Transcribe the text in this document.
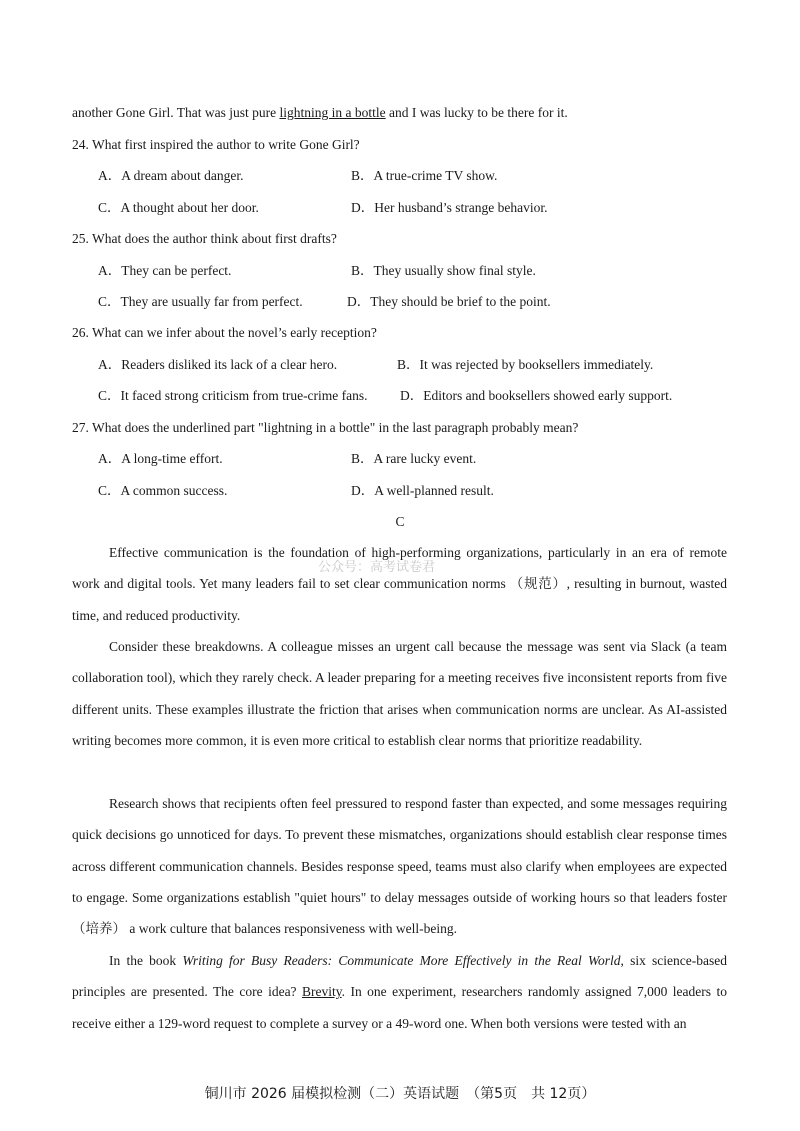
another Gone Girl. That was just pure lightning in a bottle and I was lucky to be there for it.
24. What first inspired the author to write Gone Girl?
A．A dream about danger.	B．A true-crime TV show.
C．A thought about her door.	D．Her husband’s strange behavior.
25. What does the author think about first drafts?
A．They can be perfect.	B．They usually show final style.
C．They are usually far from perfect.	D．They should be brief to the point.
26. What can we infer about the novel’s early reception?
A．Readers disliked its lack of a clear hero.	B．It was rejected by booksellers immediately.
C．It faced strong criticism from true-crime fans. D．Editors and booksellers showed early support.
27. What does the underlined part "lightning in a bottle" in the last paragraph probably mean?
A．A long-time effort.	B．A rare lucky event.
C．A common success.	D．A well-planned result.
C
公众号：高考试卷君
Effective communication is the foundation of high-performing organizations, particularly in an era of remote work and digital tools. Yet many leaders fail to set clear communication norms （规范）, resulting in burnout, wasted time, and reduced productivity.
Consider these breakdowns. A colleague misses an urgent call because the message was sent via Slack (a team collaboration tool), which they rarely check. A leader preparing for a meeting receives five inconsistent reports from five different units. These examples illustrate the friction that arises when communication norms are unclear. As AI-assisted writing becomes more common, it is even more critical to establish clear norms that prioritize readability.
Research shows that recipients often feel pressured to respond faster than expected, and some messages requiring quick decisions go unnoticed for days. To prevent these mismatches, organizations should establish clear response times across different communication channels. Besides response speed, teams must also clarify when employees are expected to engage. Some organizations establish "quiet hours" to delay messages outside of working hours so that leaders foster （培养） a work culture that balances responsiveness with well-being.
In the book Writing for Busy Readers: Communicate More Effectively in the Real World, six science-based principles are presented. The core idea? Brevity. In one experiment, researchers randomly assigned 7,000 leaders to receive either a 129-word request to complete a survey or a 49-word one. When both versions were tested with an
铜川市 2026 届模拟检测（二）英语试题　（第5页　共 12页）
